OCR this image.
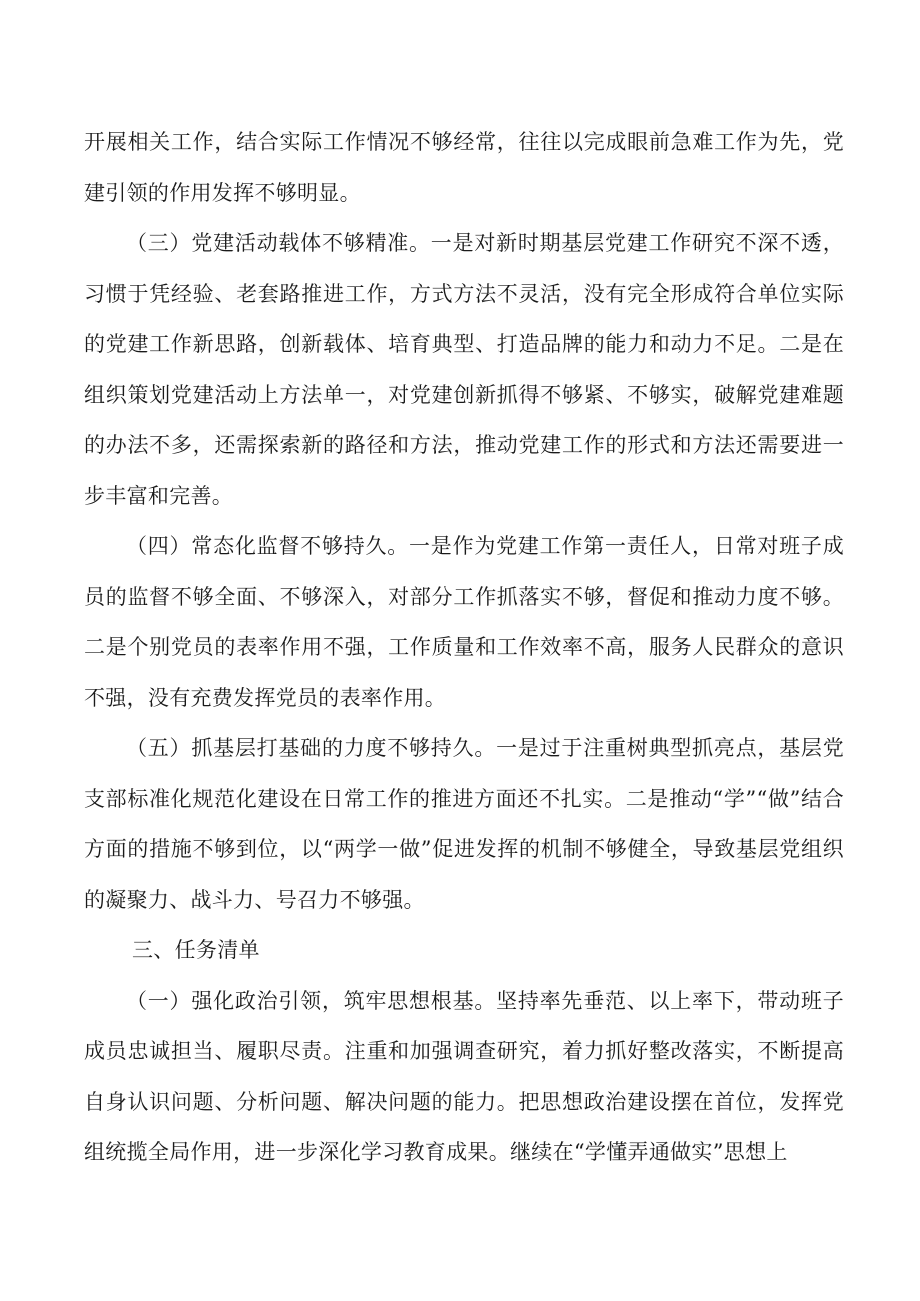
开展相关工作，结合实际工作情况不够经常，往往以完成眼前急难工作为先，党建引领的作用发挥不够明显。

（三）党建活动载体不够精准。一是对新时期基层党建工作研究不深不透，习惯于凭经验、老套路推进工作，方式方法不灵活，没有完全形成符合单位实际的党建工作新思路，创新载体、培育典型、打造品牌的能力和动力不足。二是在组织策划党建活动上方法单一，对党建创新抓得不够紧、不够实，破解党建难题的办法不多，还需探索新的路径和方法，推动党建工作的形式和方法还需要进一步丰富和完善。

（四）常态化监督不够持久。一是作为党建工作第一责任人，日常对班子成员的监督不够全面、不够深入，对部分工作抓落实不够，督促和推动力度不够。二是个别党员的表率作用不强，工作质量和工作效率不高，服务人民群众的意识不强，没有充费发挥党员的表率作用。

（五）抓基层打基础的力度不够持久。一是过于注重树典型抓亮点，基层党支部标准化规范化建设在日常工作的推进方面还不扎实。二是推动“学”“做”结合方面的措施不够到位，以“两学一做”促进发挥的机制不够健全，导致基层党组织的凝聚力、战斗力、号召力不够强。

三、任务清单

（一）强化政治引领，筑牢思想根基。坚持率先垂范、以上率下，带动班子成员忠诚担当、履职尽责。注重和加强调查研究，着力抓好整改落实，不断提高自身认识问题、分析问题、解决问题的能力。把思想政治建设摆在首位，发挥党组统揽全局作用，进一步深化学习教育成果。继续在“学懂弄通做实”思想上
